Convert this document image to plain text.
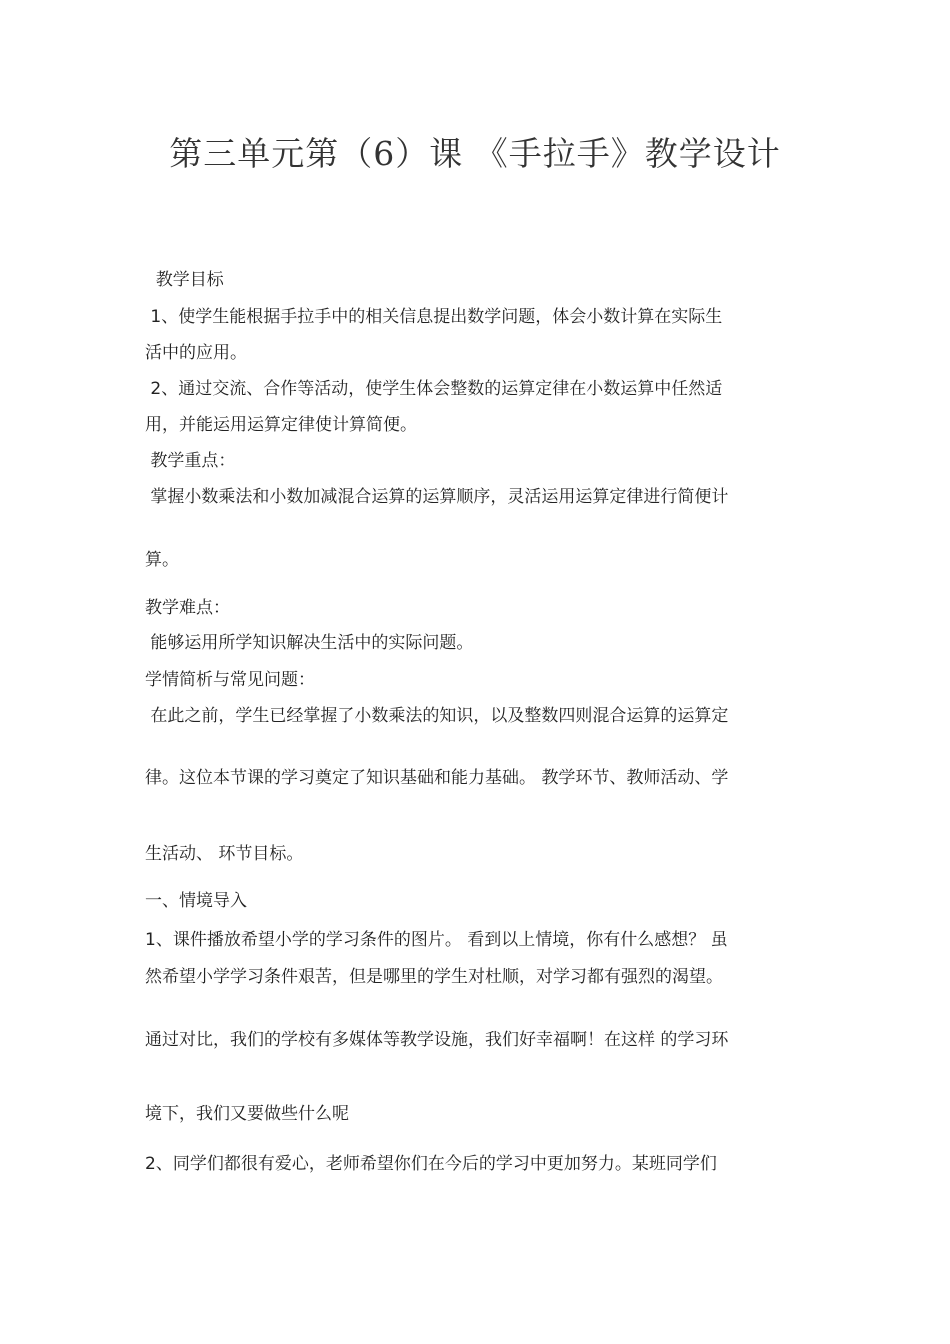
第三单元第（6）课 《手拉手》教学设计
教学目标
1、使学生能根据手拉手中的相关信息提出数学问题，体会小数计算在实际生
活中的应用。
2、通过交流、合作等活动，使学生体会整数的运算定律在小数运算中任然适
用，并能运用运算定律使计算简便。
教学重点：
掌握小数乘法和小数加减混合运算的运算顺序，灵活运用运算定律进行简便计
算。
教学难点：
能够运用所学知识解决生活中的实际问题。
学情简析与常见问题：
在此之前，学生已经掌握了小数乘法的知识，以及整数四则混合运算的运算定
律。这位本节课的学习奠定了知识基础和能力基础。 教学环节、教师活动、学
生活动、 环节目标。
一、情境导入
1、课件播放希望小学的学习条件的图片。 看到以上情境，你有什么感想？ 虽
然希望小学学习条件艰苦，但是哪里的学生对杜顺，对学习都有强烈的渴望。
通过对比，我们的学校有多媒体等教学设施，我们好幸福啊！在这样 的学习环
境下，我们又要做些什么呢
2、同学们都很有爱心，老师希望你们在今后的学习中更加努力。某班同学们
